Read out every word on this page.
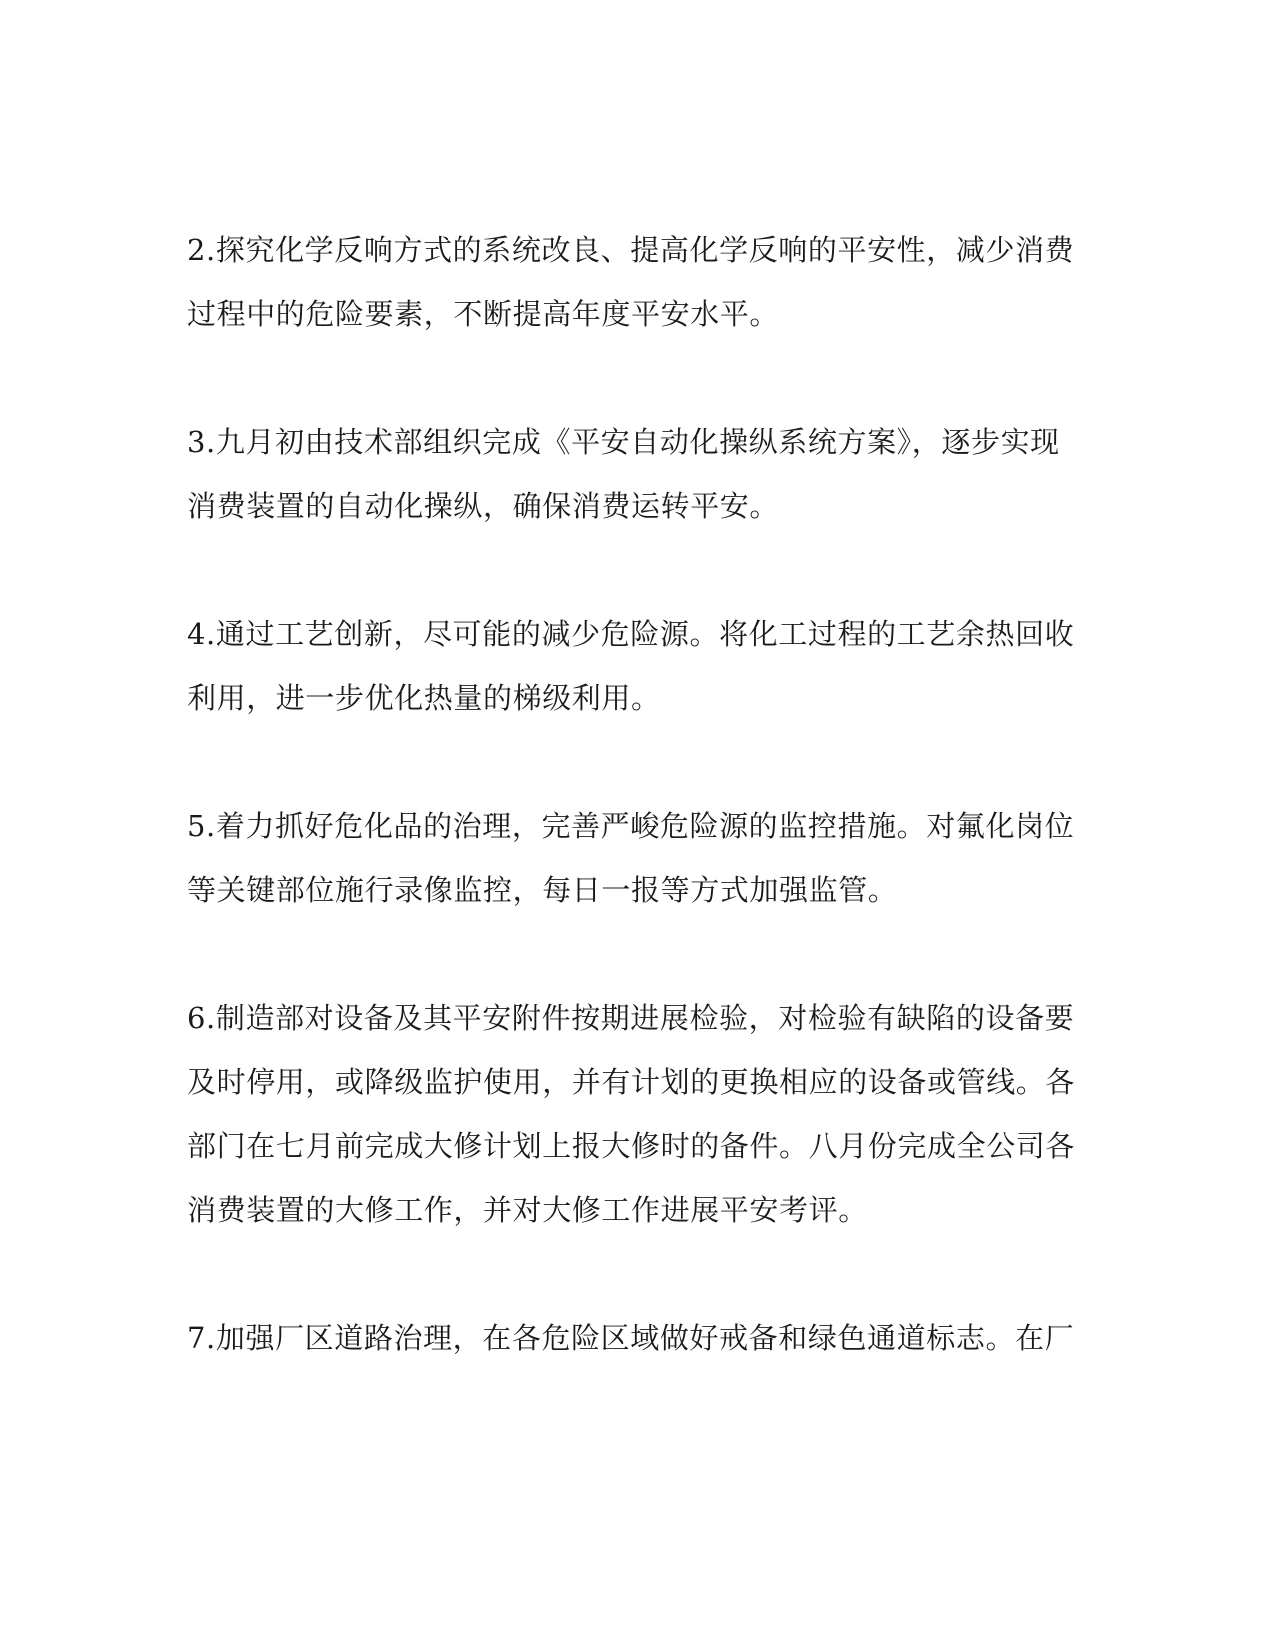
2.探究化学反响方式的系统改良、提高化学反响的平安性，减少消费
过程中的危险要素，不断提高年度平安水平。
3.九月初由技术部组织完成《平安自动化操纵系统方案》，逐步实现
消费装置的自动化操纵，确保消费运转平安。
4.通过工艺创新，尽可能的减少危险源。将化工过程的工艺余热回收
利用，进一步优化热量的梯级利用。
5.着力抓好危化品的治理，完善严峻危险源的监控措施。对氟化岗位
等关键部位施行录像监控，每日一报等方式加强监管。
6.制造部对设备及其平安附件按期进展检验，对检验有缺陷的设备要
及时停用，或降级监护使用，并有计划的更换相应的设备或管线。各
部门在七月前完成大修计划上报大修时的备件。八月份完成全公司各
消费装置的大修工作，并对大修工作进展平安考评。
7.加强厂区道路治理，在各危险区域做好戒备和绿色通道标志。在厂
